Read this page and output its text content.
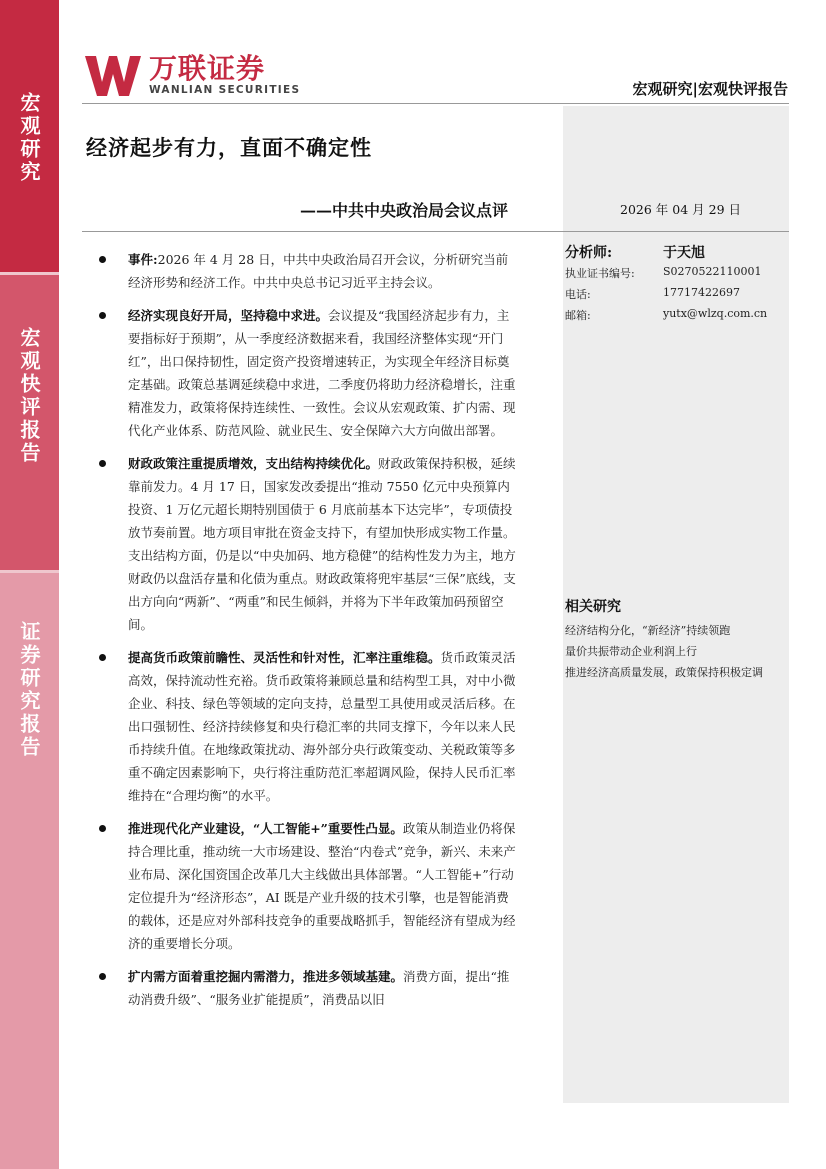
宏观研究
宏观快评报告
证券研究报告
万联证券
WANLIAN SECURITIES	宏观研究|宏观快评报告
经济起步有力，直面不确定性
——中共中央政治局会议点评	2026 年 04 月 29 日
事件:2026 年 4 月 28 日，中共中央政治局召开会议，分析研究当前经济形势和经济工作。中共中央总书记习近平主持会议。
经济实现良好开局，坚持稳中求进。会议提及“我国经济起步有力，主要指标好于预期”，从一季度经济数据来看，我国经济整体实现“开门红”，出口保持韧性，固定资产投资增速转正，为实现全年经济目标奠定基础。政策总基调延续稳中求进，二季度仍将助力经济稳增长，注重精准发力，政策将保持连续性、一致性。会议从宏观政策、扩内需、现代化产业体系、防范风险、就业民生、安全保障六大方向做出部署。
财政政策注重提质增效，支出结构持续优化。财政政策保持积极，延续靠前发力。4 月 17 日，国家发改委提出“推动 7550 亿元中央预算内投资、1 万亿元超长期特别国债于 6 月底前基本下达完毕”，专项债投放节奏前置。地方项目审批在资金支持下，有望加快形成实物工作量。支出结构方面，仍是以“中央加码、地方稳健”的结构性发力为主，地方财政仍以盘活存量和化债为重点。财政政策将兜牢基层“三保”底线，支出方向向“两新”、“两重”和民生倾斜，并将为下半年政策加码预留空间。
提高货币政策前瞻性、灵活性和针对性，汇率注重维稳。货币政策灵活高效，保持流动性充裕。货币政策将兼顾总量和结构型工具，对中小微企业、科技、绿色等领域的定向支持，总量型工具使用或灵活后移。在出口强韧性、经济持续修复和央行稳汇率的共同支撑下，今年以来人民币持续升值。在地缘政策扰动、海外部分央行政策变动、关税政策等多重不确定因素影响下，央行将注重防范汇率超调风险，保持人民币汇率维持在“合理均衡”的水平。
推进现代化产业建设，“人工智能+”重要性凸显。政策从制造业仍将保持合理比重，推动统一大市场建设、整治“内卷式”竞争，新兴、未来产业布局、深化国资国企改革几大主线做出具体部署。“人工智能+”行动定位提升为“经济形态”，AI 既是产业升级的技术引擎，也是智能消费的载体，还是应对外部科技竞争的重要战略抓手，智能经济有望成为经济的重要增长分项。
扩内需方面着重挖掘内需潜力，推进多领域基建。消费方面，提出“推动消费升级”、“服务业扩能提质”，消费品以旧
分析师:	于天旭
执业证书编号:	S0270522110001
电话:	17717422697
邮箱:	yutx@wlzq.com.cn
相关研究
经济结构分化，“新经济”持续领跑
量价共振带动企业利润上行
推进经济高质量发展，政策保持积极定调
